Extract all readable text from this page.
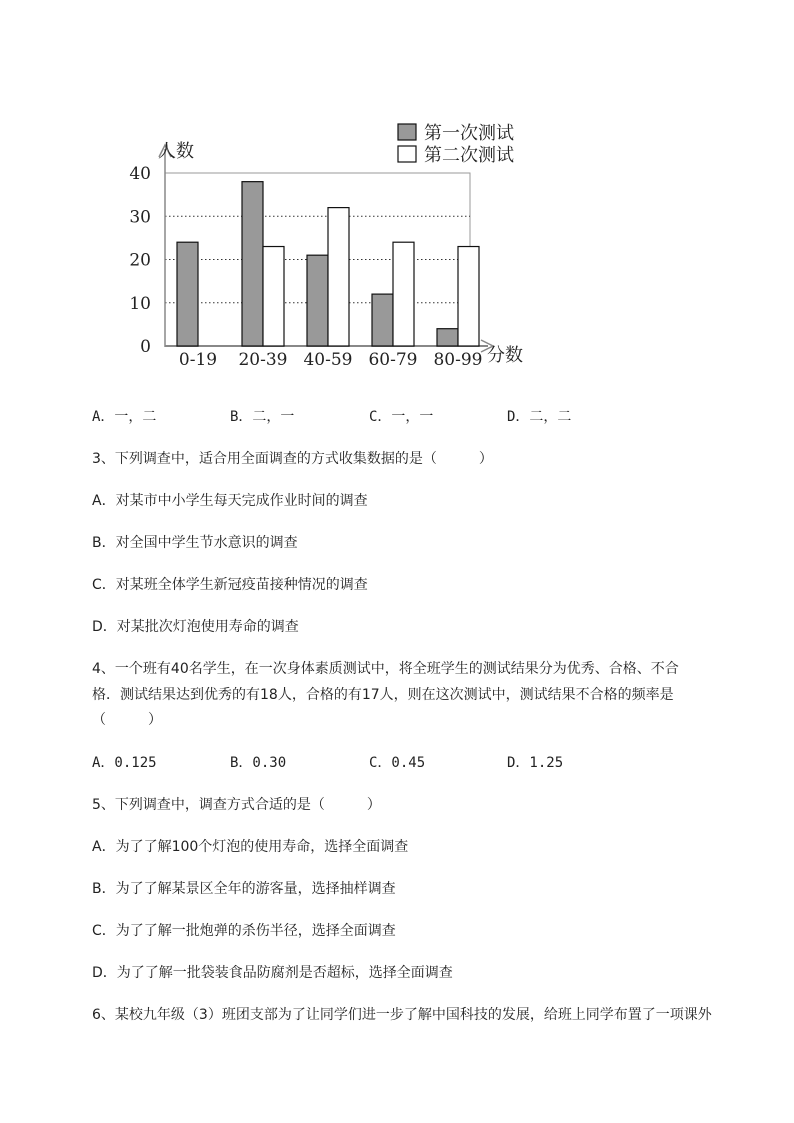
0
10
20
30
40
人数
分数
0-19 20-39 40-59 60-79 80-99
第一次测试
第二次测试
A．一，二	B．二，一	C．一，一	D．二，二
3、下列调查中，适合用全面调查的方式收集数据的是（　　　）
A．对某市中小学生每天完成作业时间的调查
B．对全国中学生节水意识的调查
C．对某班全体学生新冠疫苗接种情况的调查
D．对某批次灯泡使用寿命的调查
4、一个班有40名学生，在一次身体素质测试中，将全班学生的测试结果分为优秀、合格、不合
格．测试结果达到优秀的有18人，合格的有17人，则在这次测试中，测试结果不合格的频率是
（　　　）
A．0.125	B．0.30	C．0.45	D．1.25
5、下列调查中，调查方式合适的是（　　　）
A．为了了解100个灯泡的使用寿命，选择全面调查
B．为了了解某景区全年的游客量，选择抽样调查
C．为了了解一批炮弹的杀伤半径，选择全面调查
D．为了了解一批袋装食品防腐剂是否超标，选择全面调查
6、某校九年级（3）班团支部为了让同学们进一步了解中国科技的发展，给班上同学布置了一项课外
